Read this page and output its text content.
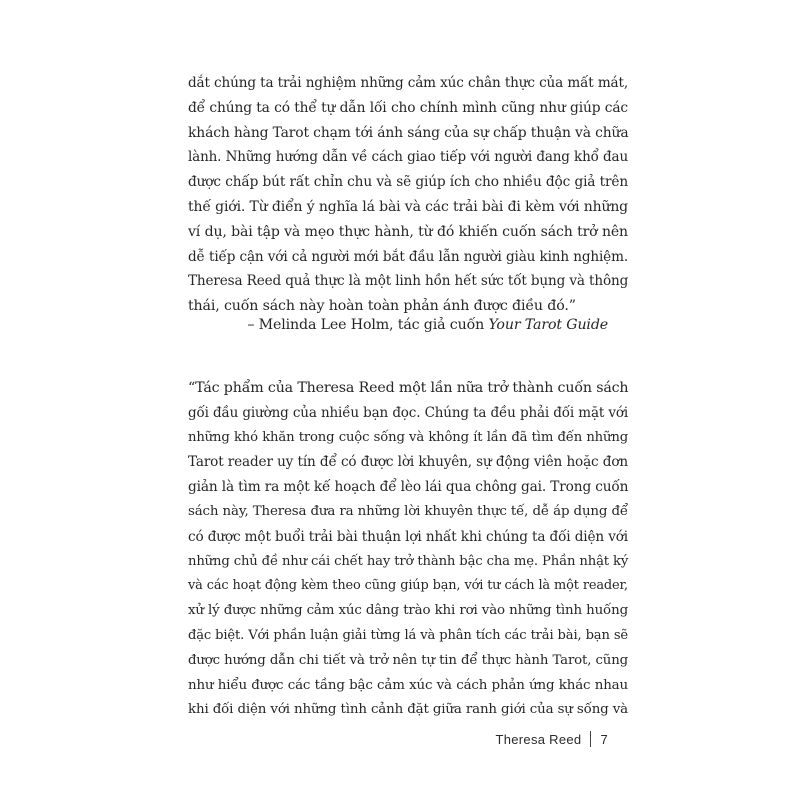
dắt chúng ta trải nghiệm những cảm xúc chân thực của mất mát,
để chúng ta có thể tự dẫn lối cho chính mình cũng như giúp các
khách hàng Tarot chạm tới ánh sáng của sự chấp thuận và chữa
lành. Những hướng dẫn về cách giao tiếp với người đang khổ đau
được chấp bút rất chỉn chu và sẽ giúp ích cho nhiều độc giả trên
thế giới. Từ điển ý nghĩa lá bài và các trải bài đi kèm với những
ví dụ, bài tập và mẹo thực hành, từ đó khiến cuốn sách trở nên
dễ tiếp cận với cả người mới bắt đầu lẫn người giàu kinh nghiệm.
Theresa Reed quả thực là một linh hồn hết sức tốt bụng và thông
thái, cuốn sách này hoàn toàn phản ánh được điều đó.”
– Melinda Lee Holm, tác giả cuốn Your Tarot Guide
“Tác phẩm của Theresa Reed một lần nữa trở thành cuốn sách
gối đầu giường của nhiều bạn đọc. Chúng ta đều phải đối mặt với
những khó khăn trong cuộc sống và không ít lần đã tìm đến những
Tarot reader uy tín để có được lời khuyên, sự động viên hoặc đơn
giản là tìm ra một kế hoạch để lèo lái qua chông gai. Trong cuốn
sách này, Theresa đưa ra những lời khuyên thực tế, dễ áp dụng để
có được một buổi trải bài thuận lợi nhất khi chúng ta đối diện với
những chủ đề như cái chết hay trở thành bậc cha mẹ. Phần nhật ký
và các hoạt động kèm theo cũng giúp bạn, với tư cách là một reader,
xử lý được những cảm xúc dâng trào khi rơi vào những tình huống
đặc biệt. Với phần luận giải từng lá và phân tích các trải bài, bạn sẽ
được hướng dẫn chi tiết và trở nên tự tin để thực hành Tarot, cũng
như hiểu được các tầng bậc cảm xúc và cách phản ứng khác nhau
khi đối diện với những tình cảnh đặt giữa ranh giới của sự sống và
Theresa Reed 7
